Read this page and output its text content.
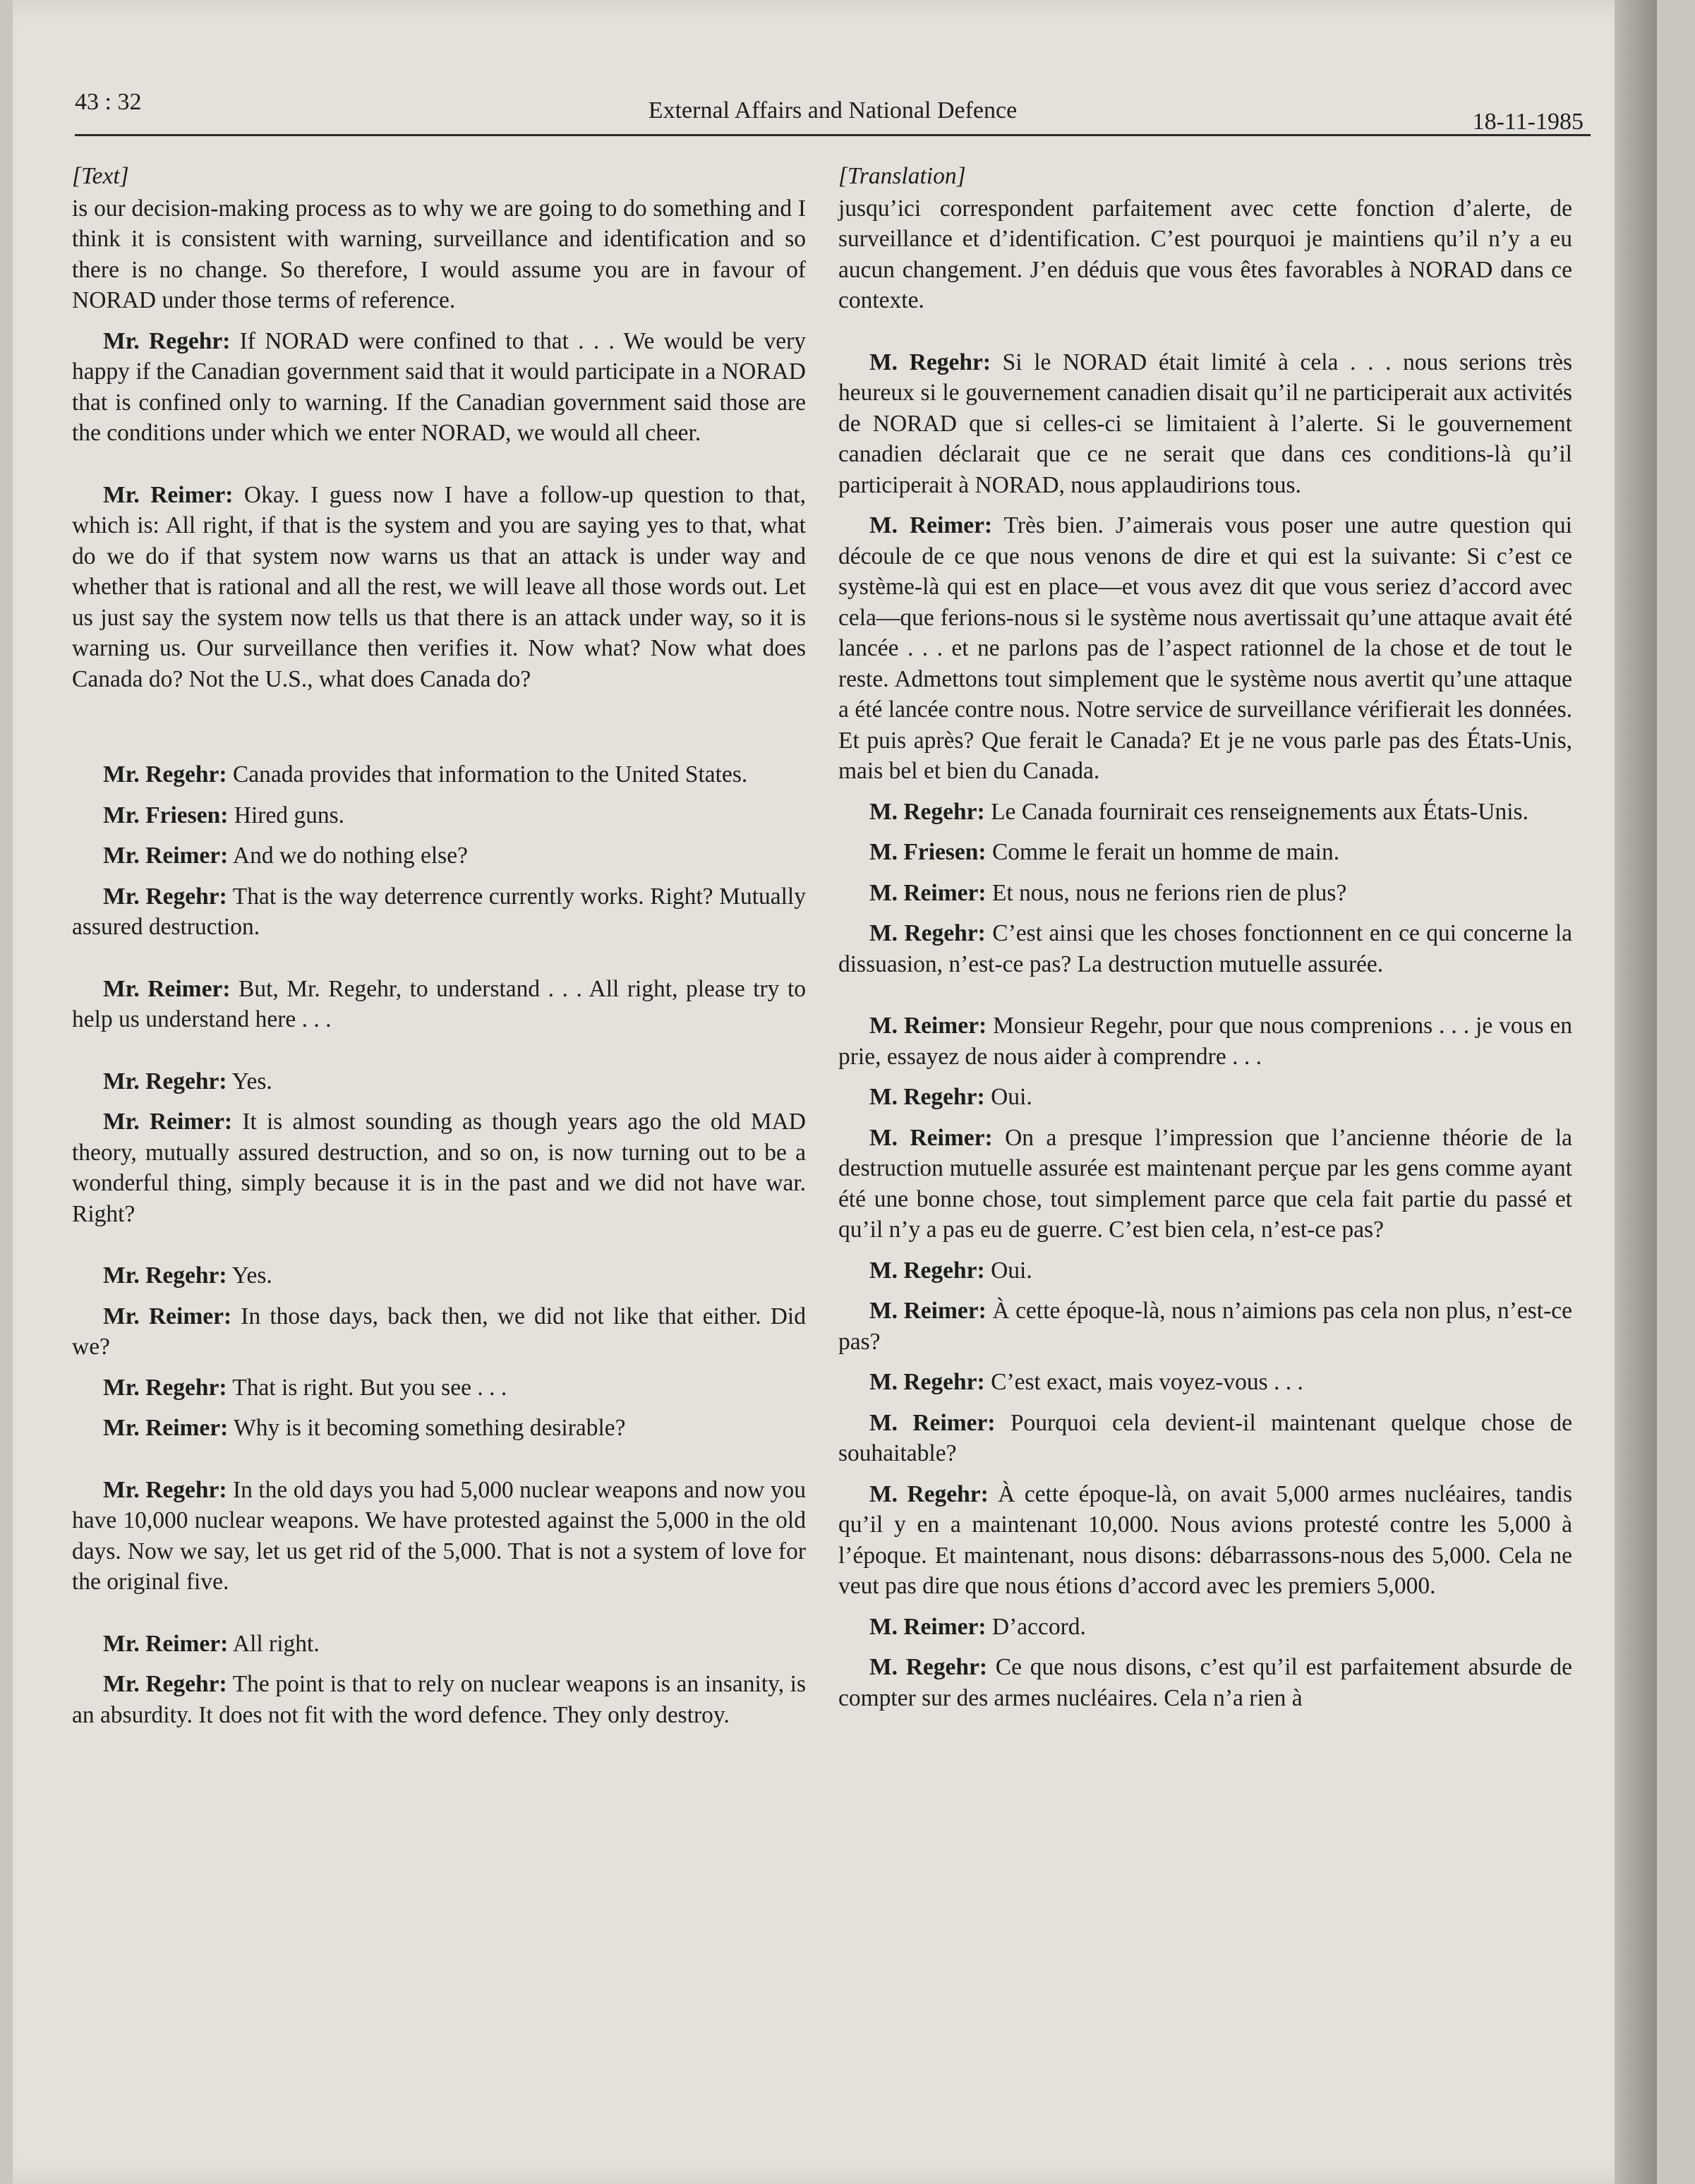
43 : 32	External Affairs and National Defence	18-11-1985
[Text]

is our decision-making process as to why we are going to do something and I think it is consistent with warning, surveillance and identification and so there is no change. So therefore, I would assume you are in favour of NORAD under those terms of reference.

Mr. Regehr: If NORAD were confined to that . . . We would be very happy if the Canadian government said that it would participate in a NORAD that is confined only to warning. If the Canadian government said those are the conditions under which we enter NORAD, we would all cheer.

Mr. Reimer: Okay. I guess now I have a follow-up question to that, which is: All right, if that is the system and you are saying yes to that, what do we do if that system now warns us that an attack is under way and whether that is rational and all the rest, we will leave all those words out. Let us just say the system now tells us that there is an attack under way, so it is warning us. Our surveillance then verifies it. Now what? Now what does Canada do? Not the U.S., what does Canada do?

Mr. Regehr: Canada provides that information to the United States.

Mr. Friesen: Hired guns.

Mr. Reimer: And we do nothing else?

Mr. Regehr: That is the way deterrence currently works. Right? Mutually assured destruction.

Mr. Reimer: But, Mr. Regehr, to understand . . . All right, please try to help us understand here . . .

Mr. Regehr: Yes.

Mr. Reimer: It is almost sounding as though years ago the old MAD theory, mutually assured destruction, and so on, is now turning out to be a wonderful thing, simply because it is in the past and we did not have war. Right?

Mr. Regehr: Yes.

Mr. Reimer: In those days, back then, we did not like that either. Did we?

Mr. Regehr: That is right. But you see . . .

Mr. Reimer: Why is it becoming something desirable?

Mr. Regehr: In the old days you had 5,000 nuclear weapons and now you have 10,000 nuclear weapons. We have protested against the 5,000 in the old days. Now we say, let us get rid of the 5,000. That is not a system of love for the original five.

Mr. Reimer: All right.

Mr. Regehr: The point is that to rely on nuclear weapons is an insanity, is an absurdity. It does not fit with the word defence. They only destroy.

[Translation]

jusqu’ici correspondent parfaitement avec cette fonction d’alerte, de surveillance et d’identification. C’est pourquoi je maintiens qu’il n’y a eu aucun changement. J’en déduis que vous êtes favorables à NORAD dans ce contexte.

M. Regehr: Si le NORAD était limité à cela . . . nous serions très heureux si le gouvernement canadien disait qu’il ne participerait aux activités de NORAD que si celles-ci se limitaient à l’alerte. Si le gouvernement canadien déclarait que ce ne serait que dans ces conditions-là qu’il participerait à NORAD, nous applaudirions tous.

M. Reimer: Très bien. J’aimerais vous poser une autre question qui découle de ce que nous venons de dire et qui est la suivante: Si c’est ce système-là qui est en place—et vous avez dit que vous seriez d’accord avec cela—que ferions-nous si le système nous avertissait qu’une attaque avait été lancée . . . et ne parlons pas de l’aspect rationnel de la chose et de tout le reste. Admettons tout simplement que le système nous avertit qu’une attaque a été lancée contre nous. Notre service de surveillance vérifierait les données. Et puis après? Que ferait le Canada? Et je ne vous parle pas des États-Unis, mais bel et bien du Canada.

M. Regehr: Le Canada fournirait ces renseignements aux États-Unis.

M. Friesen: Comme le ferait un homme de main.

M. Reimer: Et nous, nous ne ferions rien de plus?

M. Regehr: C’est ainsi que les choses fonctionnent en ce qui concerne la dissuasion, n’est-ce pas? La destruction mutuelle assurée.

M. Reimer: Monsieur Regehr, pour que nous comprenions . . . je vous en prie, essayez de nous aider à comprendre . . .

M. Regehr: Oui.

M. Reimer: On a presque l’impression que l’ancienne théorie de la destruction mutuelle assurée est maintenant perçue par les gens comme ayant été une bonne chose, tout simplement parce que cela fait partie du passé et qu’il n’y a pas eu de guerre. C’est bien cela, n’est-ce pas?

M. Regehr: Oui.

M. Reimer: À cette époque-là, nous n’aimions pas cela non plus, n’est-ce pas?

M. Regehr: C’est exact, mais voyez-vous . . .

M. Reimer: Pourquoi cela devient-il maintenant quelque chose de souhaitable?

M. Regehr: À cette époque-là, on avait 5,000 armes nucléaires, tandis qu’il y en a maintenant 10,000. Nous avions protesté contre les 5,000 à l’époque. Et maintenant, nous disons: débarrassons-nous des 5,000. Cela ne veut pas dire que nous étions d’accord avec les premiers 5,000.

M. Reimer: D’accord.

M. Regehr: Ce que nous disons, c’est qu’il est parfaitement absurde de compter sur des armes nucléaires. Cela n’a rien à
